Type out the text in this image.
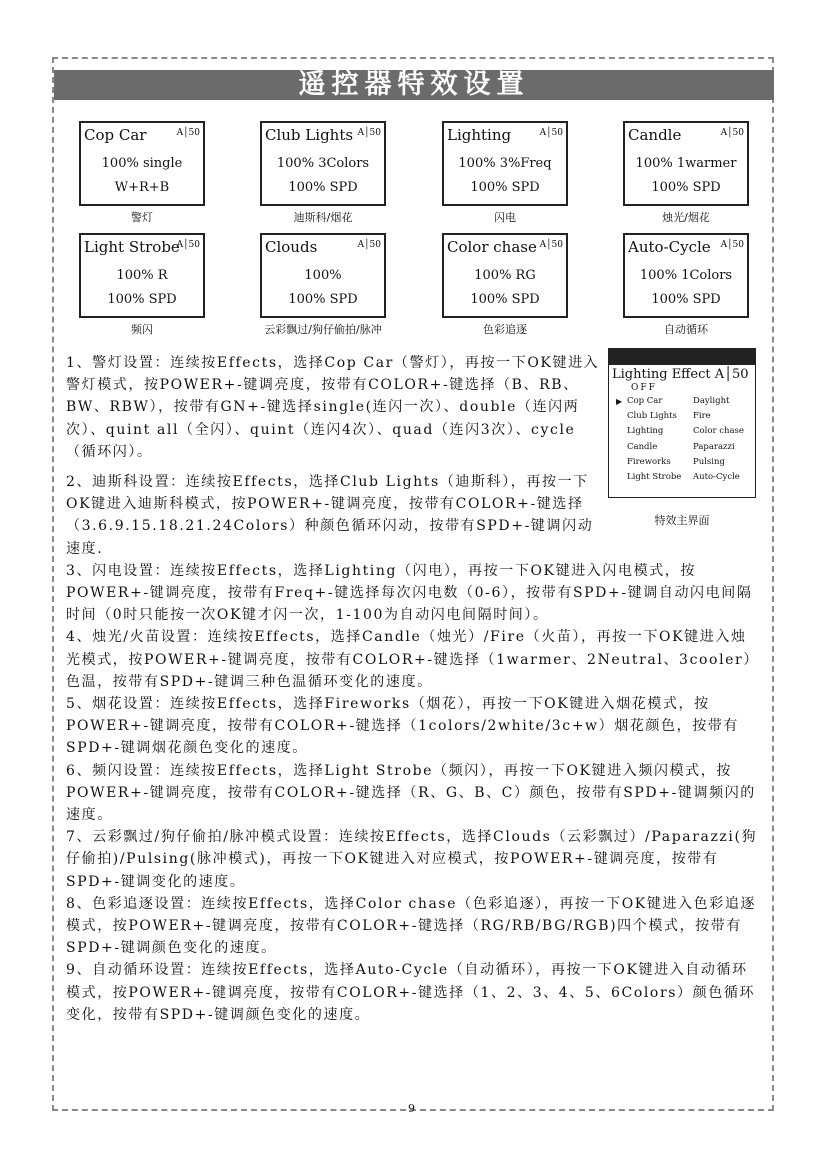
遥控器特效设置
Cop Car	A│50
100% single
W+R+B
警灯
Club Lights A│50
100% 3Colors
100% SPD
迪斯科/烟花
Lighting	A│50
100% 3%Freq
100% SPD
闪电
Candle	A│50
100% 1warmer
100% SPD
烛光/烟花
Light Strobe
A│50
100% R
100% SPD
频闪
Clouds	A│50
100%
100% SPD
云彩飘过/狗仔偷拍/脉冲
Color chase A│50
100% RG
100% SPD
色彩追逐
Auto-Cycle A│50
100% 1Colors
100% SPD
自动循环
Lighting Effect A│50
OFF
▶ Cop Car	Daylight
Club Lights	Fire
Lighting	Color chase
Candle	Paparazzi
Fireworks	Pulsing
Light Strobe	Auto-Cycle
特效主界面

1、警灯设置：连续按Effects，选择Cop Car（警灯），再按一下OK键进入警灯模式，按POWER+-键调亮度，按带有COLOR+-键选择（B、RB、BW、RBW），按带有GN+-键选择single(连闪一次）、double（连闪两次）、quint all（全闪）、quint（连闪4次）、quad（连闪3次）、cycle（循环闪）。

2、迪斯科设置：连续按Effects，选择Club Lights（迪斯科），再按一下OK键进入迪斯科模式，按POWER+-键调亮度，按带有COLOR+-键选择（3.6.9.15.18.21.24Colors）种颜色循环闪动，按带有SPD+-键调闪动速度.

3、闪电设置：连续按Effects，选择Lighting（闪电），再按一下OK键进入闪电模式，按POWER+-键调亮度，按带有Freq+-键选择每次闪电数（0-6），按带有SPD+-键调自动闪电间隔时间（0时只能按一次OK键才闪一次，1-100为自动闪电间隔时间）。

4、烛光/火苗设置：连续按Effects，选择Candle（烛光）/Fire（火苗），再按一下OK键进入烛光模式，按POWER+-键调亮度，按带有COLOR+-键选择（1warmer、2Neutral、3cooler）色温，按带有SPD+-键调三种色温循环变化的速度。

5、烟花设置：连续按Effects，选择Fireworks（烟花），再按一下OK键进入烟花模式，按POWER+-键调亮度，按带有COLOR+-键选择（1colors/2white/3c+w）烟花颜色，按带有SPD+-键调烟花颜色变化的速度。

6、频闪设置：连续按Effects，选择Light Strobe（频闪），再按一下OK键进入频闪模式，按POWER+-键调亮度，按带有COLOR+-键选择（R、G、B、C）颜色，按带有SPD+-键调频闪的速度。

7、云彩飘过/狗仔偷拍/脉冲模式设置：连续按Effects，选择Clouds（云彩飘过）/Paparazzi(狗仔偷拍)/Pulsing(脉冲模式)，再按一下OK键进入对应模式，按POWER+-键调亮度，按带有SPD+-键调变化的速度。

8、色彩追逐设置：连续按Effects，选择Color chase（色彩追逐），再按一下OK键进入色彩追逐模式，按POWER+-键调亮度，按带有COLOR+-键选择（RG/RB/BG/RGB)四个模式，按带有SPD+-键调颜色变化的速度。

9、自动循环设置：连续按Effects，选择Auto-Cycle（自动循环），再按一下OK键进入自动循环模式，按POWER+-键调亮度，按带有COLOR+-键选择（1、2、3、4、5、6Colors）颜色循环变化，按带有SPD+-键调颜色变化的速度。

9
